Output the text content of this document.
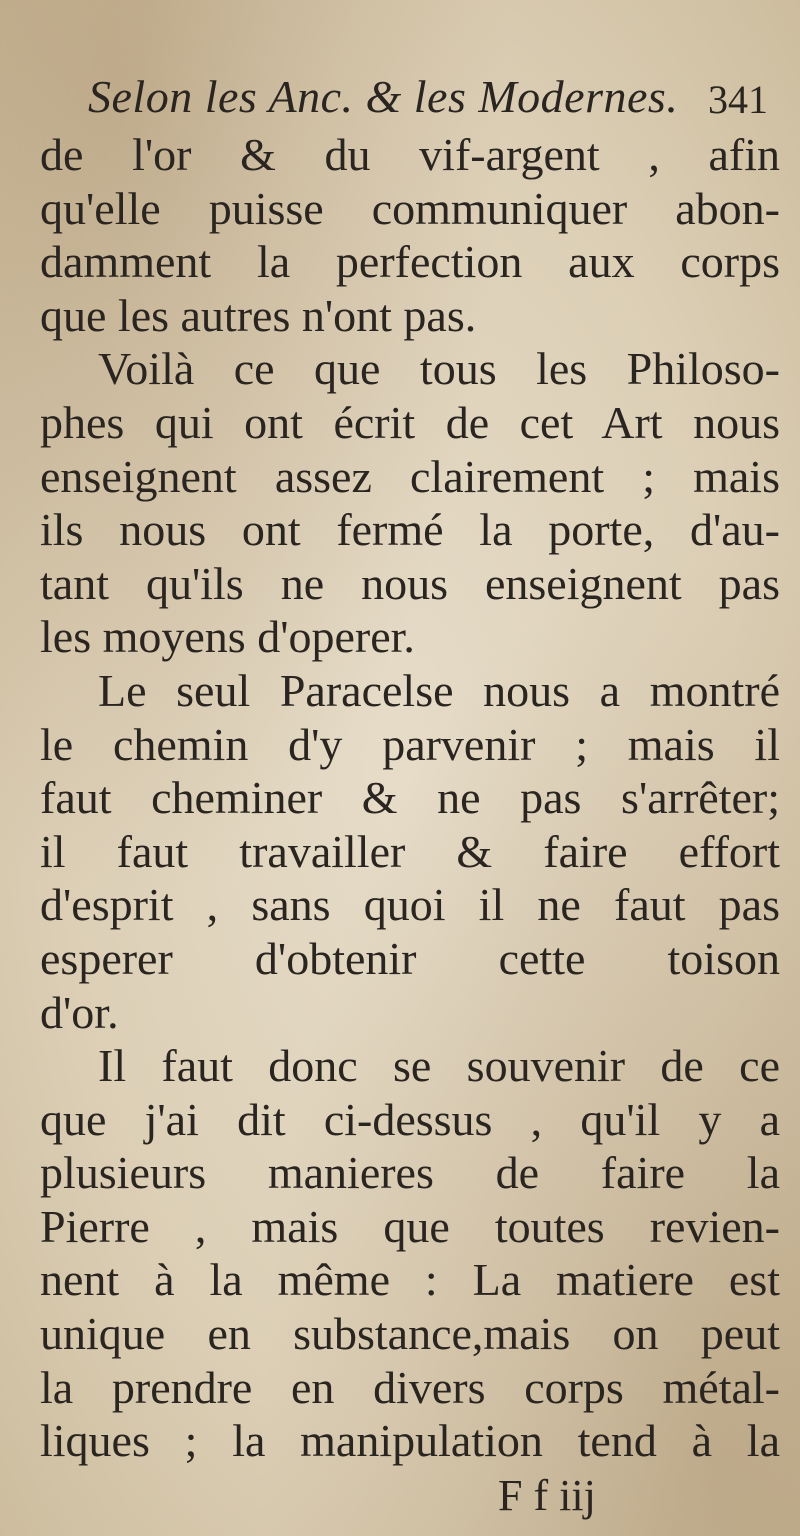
Selon les Anc. & les Modernes. 341
de l'or & du vif-argent , afin
qu'elle puisse communiquer abon-
damment la perfection aux corps
que les autres n'ont pas.
Voilà ce que tous les Philoso-
phes qui ont écrit de cet Art nous
enseignent assez clairement ; mais
ils nous ont fermé la porte, d'au-
tant qu'ils ne nous enseignent pas
les moyens d'operer.
Le seul Paracelse nous a montré
le chemin d'y parvenir ; mais il
faut cheminer & ne pas s'arrêter;
il faut travailler & faire effort
d'esprit , sans quoi il ne faut pas
esperer d'obtenir cette toison
d'or.
Il faut donc se souvenir de ce
que j'ai dit ci-dessus , qu'il y a
plusieurs manieres de faire la
Pierre , mais que toutes revien-
nent à la même : La matiere est
unique en substance,mais on peut
la prendre en divers corps métal-
liques ; la manipulation tend à la
F f iij
